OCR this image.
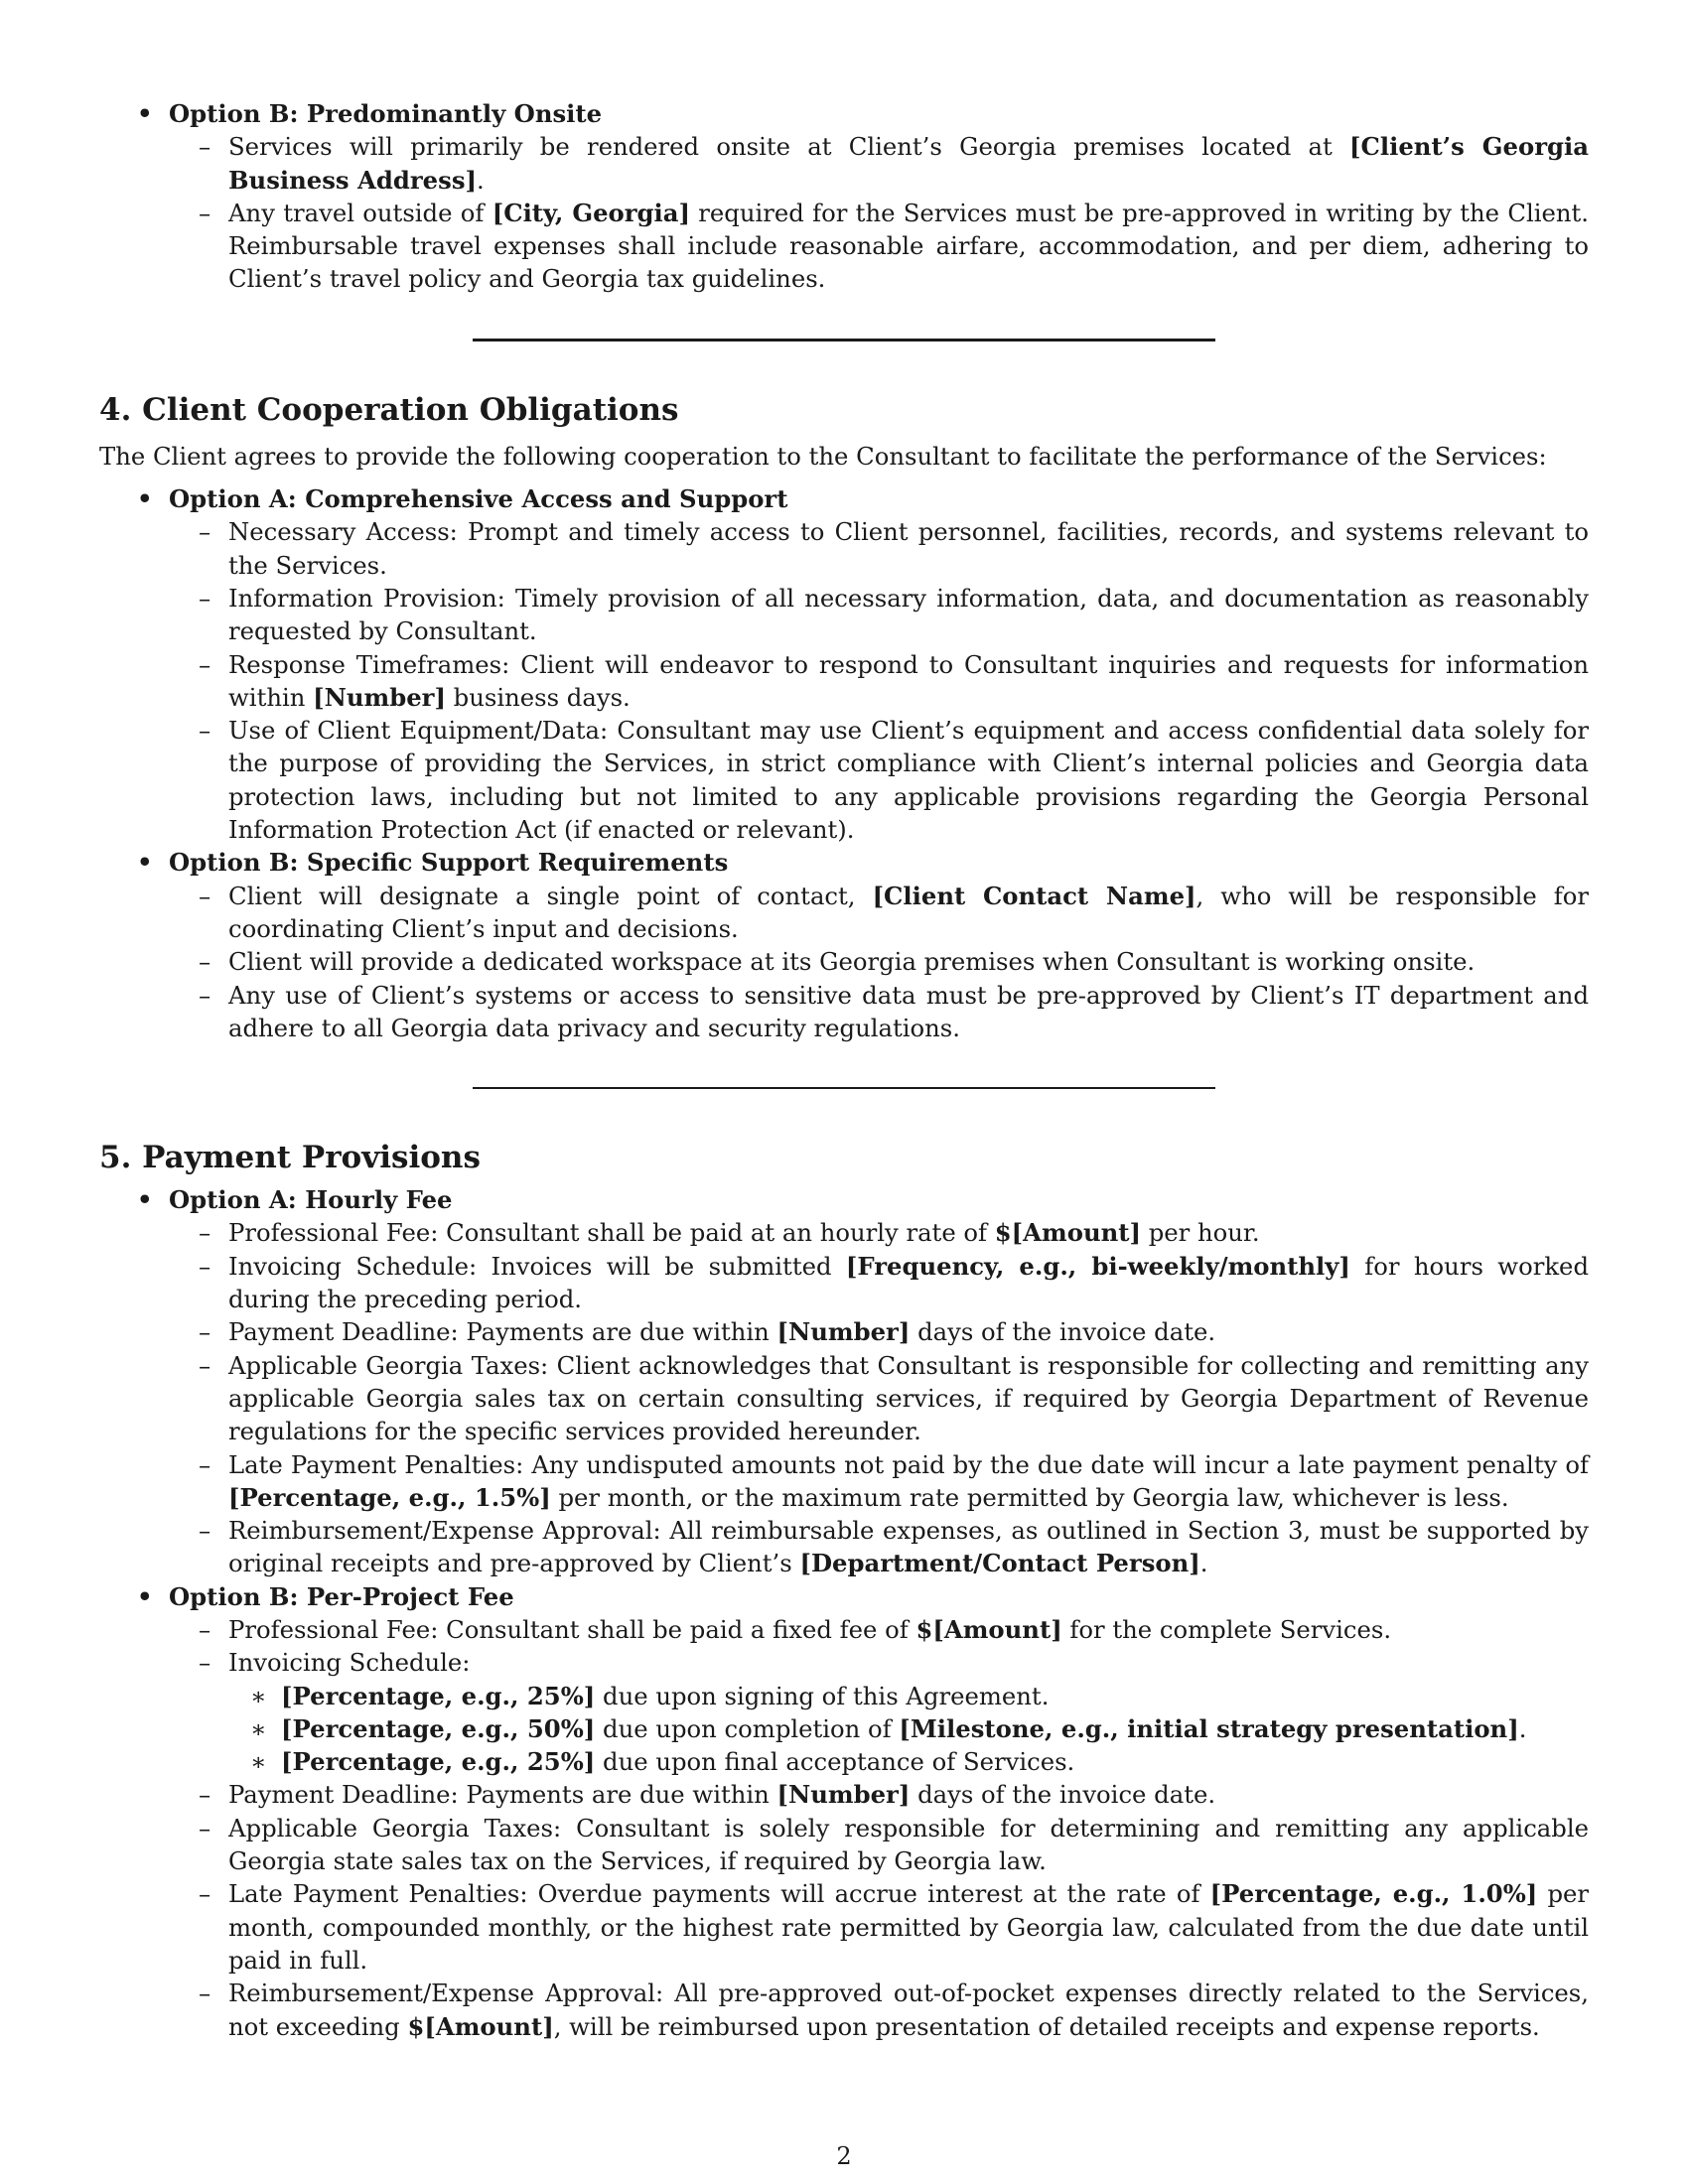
• Option B: Predominantly Onsite
– Services will primarily be rendered onsite at Client’s Georgia premises located at [Client’s Georgia Business Address].
– Any travel outside of [City, Georgia] required for the Services must be pre-approved in writing by the Client. Reimbursable travel expenses shall include reasonable airfare, accommodation, and per diem, adhering to Client’s travel policy and Georgia tax guidelines.
4. Client Cooperation Obligations
The Client agrees to provide the following cooperation to the Consultant to facilitate the performance of the Services:
• Option A: Comprehensive Access and Support
– Necessary Access: Prompt and timely access to Client personnel, facilities, records, and systems relevant to the Services.
– Information Provision: Timely provision of all necessary information, data, and documentation as reasonably requested by Consultant.
– Response Timeframes: Client will endeavor to respond to Consultant inquiries and requests for information within [Number] business days.
– Use of Client Equipment/Data: Consultant may use Client’s equipment and access confidential data solely for the purpose of providing the Services, in strict compliance with Client’s internal policies and Georgia data protection laws, including but not limited to any applicable provisions regarding the Georgia Personal Information Protection Act (if enacted or relevant).
• Option B: Specific Support Requirements
– Client will designate a single point of contact, [Client Contact Name], who will be responsible for coordinating Client’s input and decisions.
– Client will provide a dedicated workspace at its Georgia premises when Consultant is working onsite.
– Any use of Client’s systems or access to sensitive data must be pre-approved by Client’s IT department and adhere to all Georgia data privacy and security regulations.
5. Payment Provisions
• Option A: Hourly Fee
– Professional Fee: Consultant shall be paid at an hourly rate of $[Amount] per hour.
– Invoicing Schedule: Invoices will be submitted [Frequency, e.g., bi-weekly/monthly] for hours worked during the preceding period.
– Payment Deadline: Payments are due within [Number] days of the invoice date.
– Applicable Georgia Taxes: Client acknowledges that Consultant is responsible for collecting and remitting any applicable Georgia sales tax on certain consulting services, if required by Georgia Department of Revenue regulations for the specific services provided hereunder.
– Late Payment Penalties: Any undisputed amounts not paid by the due date will incur a late payment penalty of [Percentage, e.g., 1.5%] per month, or the maximum rate permitted by Georgia law, whichever is less.
– Reimbursement/Expense Approval: All reimbursable expenses, as outlined in Section 3, must be supported by original receipts and pre-approved by Client’s [Department/Contact Person].
• Option B: Per-Project Fee
– Professional Fee: Consultant shall be paid a fixed fee of $[Amount] for the complete Services.
– Invoicing Schedule:
∗ [Percentage, e.g., 25%] due upon signing of this Agreement.
∗ [Percentage, e.g., 50%] due upon completion of [Milestone, e.g., initial strategy presentation].
∗ [Percentage, e.g., 25%] due upon final acceptance of Services.
– Payment Deadline: Payments are due within [Number] days of the invoice date.
– Applicable Georgia Taxes: Consultant is solely responsible for determining and remitting any applicable Georgia state sales tax on the Services, if required by Georgia law.
– Late Payment Penalties: Overdue payments will accrue interest at the rate of [Percentage, e.g., 1.0%] per month, compounded monthly, or the highest rate permitted by Georgia law, calculated from the due date until paid in full.
– Reimbursement/Expense Approval: All pre-approved out-of-pocket expenses directly related to the Services, not exceeding $[Amount], will be reimbursed upon presentation of detailed receipts and expense reports.
2
